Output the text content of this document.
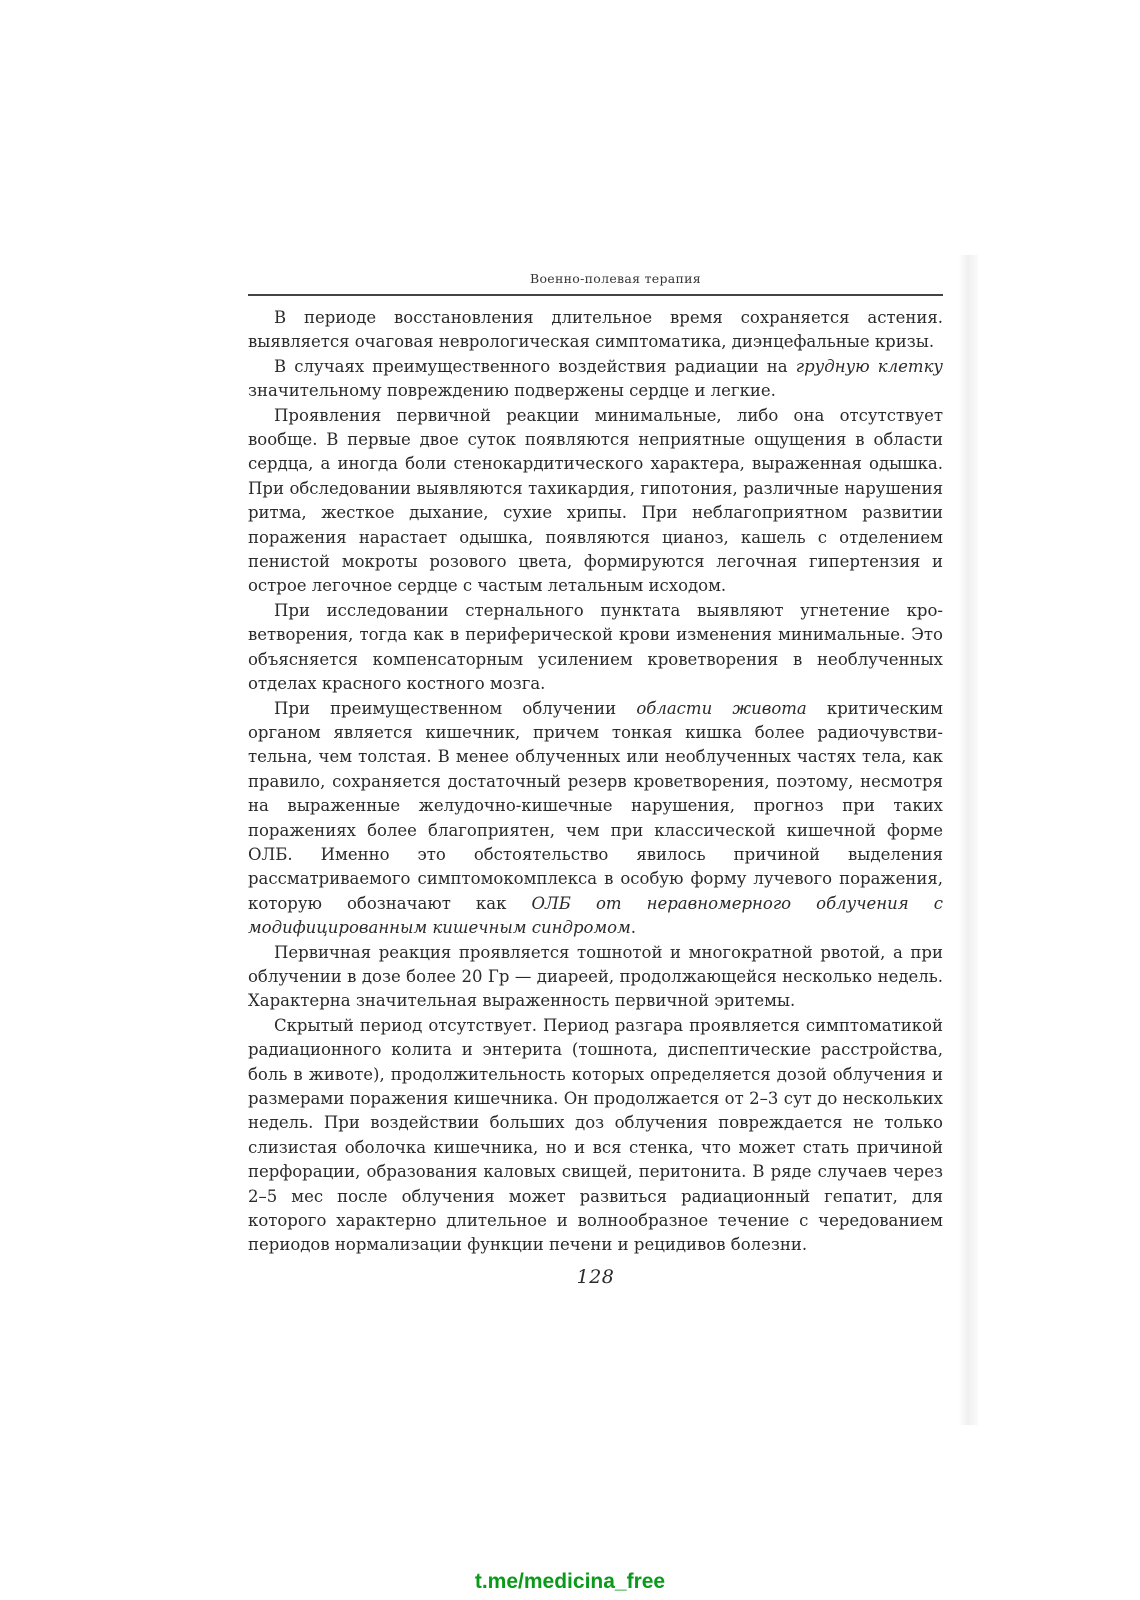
Военно-полевая терапия

В периоде восстановления длительное время сохраняется астения. выявляется очаговая неврологическая симптоматика, диэнцефальные кризы.

В случаях преимущественного воздействия радиации на грудную клетку значительному повреждению подвержены сердце и легкие.

Проявления первичной реакции минимальные, либо она отсутствует вообще. В первые двое суток появляются неприятные ощущения в области сердца, а иногда боли стенокардитического характера, выраженная одышка. При обследовании выявляются тахикардия, гипотония, различные нарушения ритма, жесткое дыхание, сухие хрипы. При неблагоприятном развитии поражения нарастает одышка, появляются цианоз, кашель с отделением пенистой мокроты розового цвета, формируются легочная гипертензия и острое легочное сердце с частым летальным исходом.

При исследовании стернального пунктата выявляют угнетение кроветворения, тогда как в периферической крови изменения минимальные. Это объясняется компенсаторным усилением кроветворения в необлученных отделах красного костного мозга.

При преимущественном облучении области живота критическим органом является кишечник, причем тонкая кишка более радиочувствительна, чем толстая. В менее облученных или необлученных частях тела, как правило, сохраняется достаточный резерв кроветворения, поэтому, несмотря на выраженные желудочно-кишечные нарушения, прогноз при таких поражениях более благоприятен, чем при классической кишечной форме ОЛБ. Именно это обстоятельство явилось причиной выделения рассматриваемого симптомокомплекса в особую форму лучевого поражения, которую обозначают как ОЛБ от неравномерного облучения с модифицированным кишечным синдромом.

Первичная реакция проявляется тошнотой и многократной рвотой, а при облучении в дозе более 20 Гр — диареей, продолжающейся несколько недель. Характерна значительная выраженность первичной эритемы.

Скрытый период отсутствует. Период разгара проявляется симптоматикой радиационного колита и энтерита (тошнота, диспептические расстройства, боль в животе), продолжительность которых определяется дозой облучения и размерами поражения кишечника. Он продолжается от 2–3 сут до нескольких недель. При воздействии больших доз облучения повреждается не только слизистая оболочка кишечника, но и вся стенка, что может стать причиной перфорации, образования каловых свищей, перитонита. В ряде случаев через 2–5 мес после облучения может развиться радиационный гепатит, для которого характерно длительное и волнообразное течение с чередованием периодов нормализации функции печени и рецидивов болезни.

128
t.me/medicina_free
